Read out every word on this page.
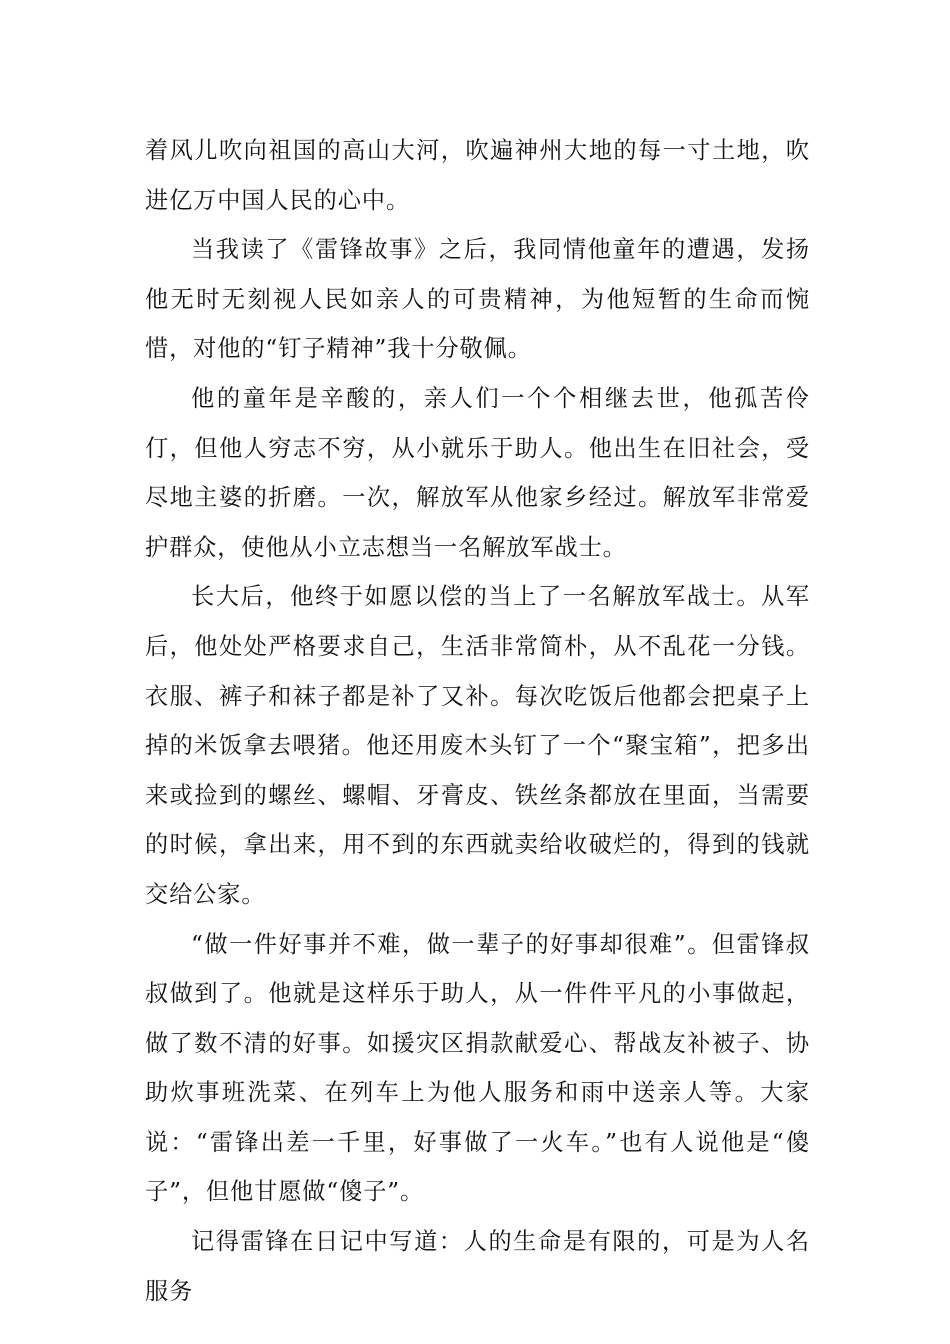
着风儿吹向祖国的高山大河，吹遍神州大地的每一寸土地，吹进亿万中国人民的心中。

当我读了《雷锋故事》之后，我同情他童年的遭遇，发扬他无时无刻视人民如亲人的可贵精神，为他短暂的生命而惋惜，对他的“钉子精神”我十分敬佩。

他的童年是辛酸的，亲人们一个个相继去世，他孤苦伶仃，但他人穷志不穷，从小就乐于助人。他出生在旧社会，受尽地主婆的折磨。一次，解放军从他家乡经过。解放军非常爱护群众，使他从小立志想当一名解放军战士。

长大后，他终于如愿以偿的当上了一名解放军战士。从军后，他处处严格要求自己，生活非常简朴，从不乱花一分钱。衣服、裤子和袜子都是补了又补。每次吃饭后他都会把桌子上掉的米饭拿去喂猪。他还用废木头钉了一个“聚宝箱”，把多出来或捡到的螺丝、螺帽、牙膏皮、铁丝条都放在里面，当需要的时候，拿出来，用不到的东西就卖给收破烂的，得到的钱就交给公家。

“做一件好事并不难，做一辈子的好事却很难”。但雷锋叔叔做到了。他就是这样乐于助人，从一件件平凡的小事做起，做了数不清的好事。如援灾区捐款献爱心、帮战友补被子、协助炊事班洗菜、在列车上为他人服务和雨中送亲人等。大家说：“雷锋出差一千里，好事做了一火车。”也有人说他是“傻子”，但他甘愿做“傻子”。

记得雷锋在日记中写道：人的生命是有限的，可是为人名服务
